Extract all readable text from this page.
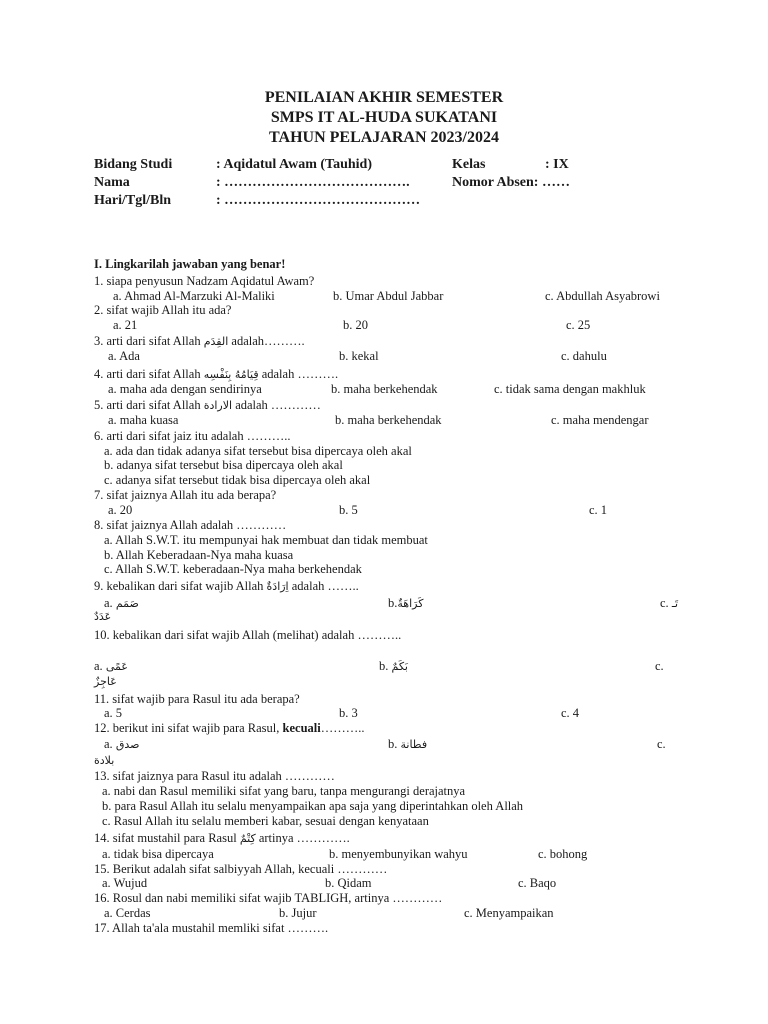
PENILAIAN AKHIR SEMESTER
SMPS IT AL-HUDA SUKATANI
TAHUN PELAJARAN 2023/2024
Bidang Studi	: Aqidatul Awam (Tauhid)	Kelas	: IX
Nama	: ………………………………….	Nomor Absen: ……
Hari/Tgl/Bln	: ……………………………………
I. Lingkarilah jawaban yang benar!
1. siapa penyusun Nadzam Aqidatul Awam?
a. Ahmad Al-Marzuki Al-Maliki	b. Umar Abdul Jabbar	c. Abdullah Asyabrowi
2. sifat wajib Allah itu ada?
a. 21	b. 20	c. 25
3. arti dari sifat Allah القِدَم adalah……….
a. Ada	b. kekal	c. dahulu
4. arti dari sifat Allah قِيَامُهُ بِنَفْسِه adalah ……….
a. maha ada dengan sendirinya	b. maha berkehendak	c. tidak sama dengan makhluk
5. arti dari sifat Allah الارادة adalah …………
a. maha kuasa	b. maha berkehendak	c. maha mendengar
6. arti dari sifat jaiz itu adalah ………..
a. ada dan tidak adanya sifat tersebut bisa dipercaya oleh akal
b. adanya sifat tersebut bisa dipercaya oleh akal
c. adanya sifat tersebut tidak bisa dipercaya oleh akal
7. sifat jaiznya Allah itu ada berapa?
a. 20	b. 5	c. 1
8. sifat jaiznya Allah adalah …………
a. Allah S.W.T. itu mempunyai hak membuat dan tidak membuat
b. Allah Keberadaan-Nya maha kuasa
c. Allah S.W.T. keberadaan-Nya maha berkehendak
9. kebalikan dari sifat wajib Allah اِرَادَةٌ adalah ……..
a. صَمَم	b.كَرَاهَةٌ	c. تَـ
عَدَدٌ
10. kebalikan dari sifat wajib Allah (melihat) adalah ………..
a. عَمًى	b. بَكَمٌ	c.
عَاجِزٌ
11. sifat wajib para Rasul itu ada berapa?
a. 5	b. 3	c. 4
12. berikut ini sifat wajib para Rasul, kecuali………..
a. صدق	b. فطانة	c.
بلادة
13. sifat jaiznya para Rasul itu adalah …………
a. nabi dan Rasul memiliki sifat yang baru, tanpa mengurangi derajatnya
b. para Rasul Allah itu selalu menyampaikan apa saja yang diperintahkan oleh Allah
c. Rasul Allah itu selalu memberi kabar, sesuai dengan kenyataan
14. sifat mustahil para Rasul كِتْمٌ artinya ………….
a. tidak bisa dipercaya	b. menyembunyikan wahyu	c. bohong
15. Berikut adalah sifat salbiyyah Allah, kecuali …………
a. Wujud	b. Qidam	c. Baqo
16. Rosul dan nabi memiliki sifat wajib TABLIGH, artinya …………
a. Cerdas	b. Jujur	c. Menyampaikan
17. Allah ta'ala mustahil memliki sifat ……….
